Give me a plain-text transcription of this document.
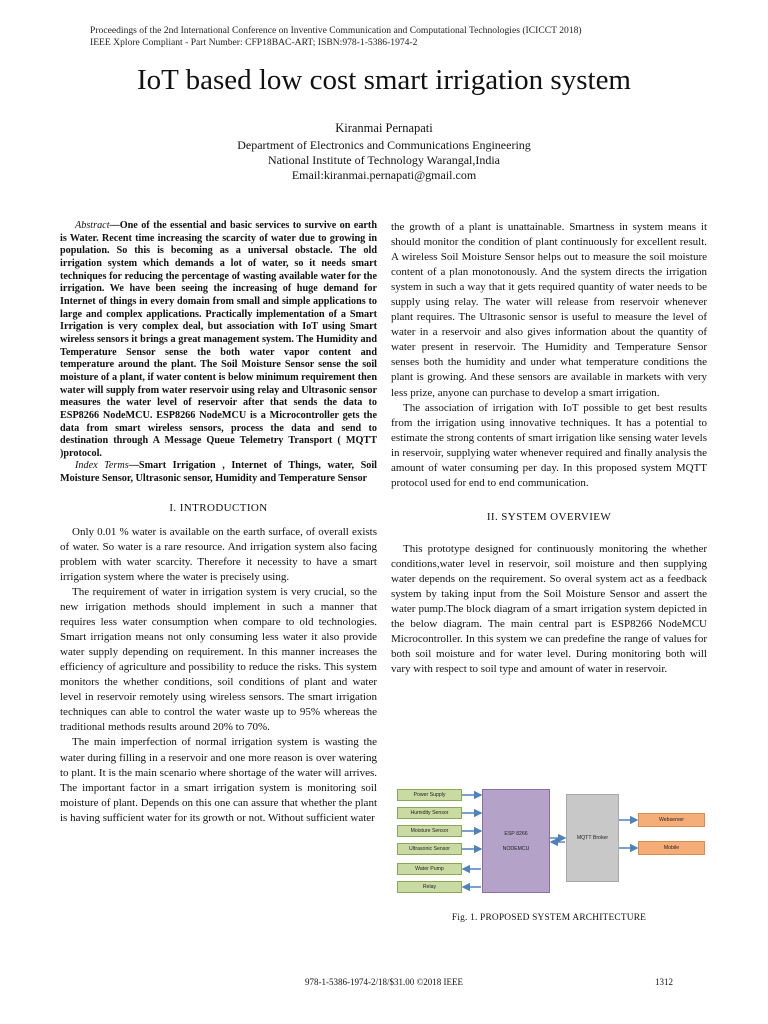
Proceedings of the 2nd International Conference on Inventive Communication and Computational Technologies (ICICCT 2018)
IEEE Xplore Compliant - Part Number: CFP18BAC-ART; ISBN:978-1-5386-1974-2
IoT based low cost smart irrigation system
Kiranmai Pernapati
Department of Electronics and Communications Engineering
National Institute of Technology Warangal,India
Email:kiranmai.pernapati@gmail.com

Abstract—One of the essential and basic services to survive on earth is Water. Recent time increasing the scarcity of water due to growing in population. So this is becoming as a universal obstacle. The old irrigation system which demands a lot of water, so it needs smart techniques for reducing the percentage of wasting available water for the irrigation. We have been seeing the increasing of huge demand for Internet of things in every domain from small and simple applications to large and complex applications. Practically implementation of a Smart Irrigation is very complex deal, but association with IoT using Smart wireless sensors it brings a great management system. The Humidity and Temperature Sensor sense the both water vapor content and temperature around the plant. The Soil Moisture Sensor sense the soil moisture of a plant, if water content is below minimum requirement then water will supply from water reservoir using relay and Ultrasonic sensor measures the water level of reservoir after that sends the data to ESP8266 NodeMCU. ESP8266 NodeMCU is a Microcontroller gets the data from smart wireless sensors, process the data and send to destination through A Message Queue Telemetry Transport ( MQTT )protocol.

Index Terms—Smart Irrigation , Internet of Things, water, Soil Moisture Sensor, Ultrasonic sensor, Humidity and Temperature Sensor

I. INTRODUCTION

Only 0.01 % water is available on the earth surface, of overall exists of water. So water is a rare resource. And irrigation system also facing problem with water scarcity. Therefore it necessity to have a smart irrigation system where the water is precisely using.

The requirement of water in irrigation system is very crucial, so the new irrigation methods should implement in such a manner that requires less water consumption when compare to old technologies. Smart irrigation means not only consuming less water it also provide water supply depending on requirement. In this manner increases the efficiency of agriculture and possibility to reduce the risks. This system monitors the whether conditions, soil conditions of plant and water level in reservoir remotely using wireless sensors. The smart irrigation techniques can able to control the water waste up to 95% whereas the traditional methods results around 20% to 70%.

The main imperfection of normal irrigation system is wasting the water during filling in a reservoir and one more reason is over watering to plant. It is the main scenario where shortage of the water will arrives. The important factor in a smart irrigation system is monitoring soil moisture of plant. Depends on this one can assure that whether the plant is having sufficient water for its growth or not. Without sufficient water

the growth of a plant is unattainable. Smartness in system means it should monitor the condition of plant continuously for excellent result. A wireless Soil Moisture Sensor helps out to measure the soil moisture content of a plan monotonously. And the system directs the irrigation system in such a way that it gets required quantity of water needs to be supply using relay. The water will release from reservoir whenever plant requires. The Ultrasonic sensor is useful to measure the level of water in a reservoir and also gives information about the quantity of water present in reservoir. The Humidity and Temperature Sensor senses both the humidity and under what temperature conditions the plant is growing. And these sensors are available in markets with very less prize, anyone can purchase to develop a smart irrigation.

The association of irrigation with IoT possible to get best results from the irrigation using innovative techniques. It has a potential to estimate the strong contents of smart irrigation like sensing water levels in reservoir, supplying water whenever required and finally analysis the amount of water consuming per day. In this proposed system MQTT protocol used for end to end communication.

II. SYSTEM OVERVIEW

This prototype designed for continuously monitoring the whether conditions,water level in reservoir, soil moisture and then supplying water depends on the requirement. So overal system act as a feedback system by taking input from the Soil Moisture Sensor and assert the water pump.The block diagram of a smart irrigation system depicted in the below diagram. The main central part is ESP8266 NodeMCU Microcontroller. In this system we can predefine the range of values for both soil moisture and for water level. During monitoring both will vary with respect to soil type and amount of water in reservoir.

Power Supply
Humidity Sensor
Moisture Sensor
Ultrasonic Sensor
Water Pump
Relay
ESP 8266
NODEMCU
MQTT Broker
Webserver
Mobile
Fig. 1. PROPOSED SYSTEM ARCHITECTURE
978-1-5386-1974-2/18/$31.00 ©2018 IEEE	1312
